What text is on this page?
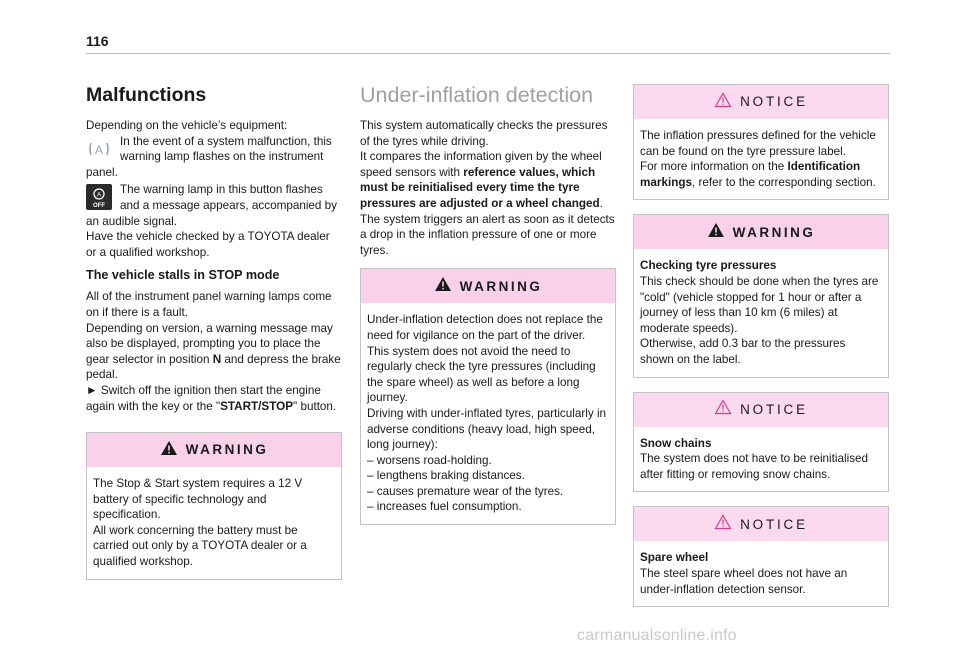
116
Malfunctions

Depending on the vehicle’s equipment:

A
In the event of a system malfunction, this warning lamp flashes on the instrument panel.
A
OFF
The warning lamp in this button flashes and a message appears, accompanied by an audible signal.

Have the vehicle checked by a TOYOTA dealer or a qualified workshop.

The vehicle stalls in STOP mode

All of the instrument panel warning lamps come on if there is a fault.

Depending on version, a warning message may also be displayed, prompting you to place the gear selector in position N and depress the brake pedal.

► Switch off the ignition then start the engine again with the key or the "START/STOP" button.

WARNING

The Stop & Start system requires a 12 V battery of specific technology and specification.

All work concerning the battery must be carried out only by a TOYOTA dealer or a qualified workshop.

Under-inflation detection

This system automatically checks the pressures of the tyres while driving.

It compares the information given by the wheel speed sensors with reference values, which must be reinitialised every time the tyre pressures are adjusted or a wheel changed.

The system triggers an alert as soon as it detects a drop in the inflation pressure of one or more tyres.

WARNING

Under-inflation detection does not replace the need for vigilance on the part of the driver.

This system does not avoid the need to regularly check the tyre pressures (including the spare wheel) as well as before a long journey.

Driving with under-inflated tyres, particularly in adverse conditions (heavy load, high speed, long journey):

– worsens road-holding.
– lengthens braking distances.
– causes premature wear of the tyres.
– increases fuel consumption.
NOTICE

The inflation pressures defined for the vehicle can be found on the tyre pressure label.

For more information on the Identification markings, refer to the corresponding section.

WARNING

Checking tyre pressures

This check should be done when the tyres are "cold" (vehicle stopped for 1 hour or after a journey of less than 10 km (6 miles) at moderate speeds).

Otherwise, add 0.3 bar to the pressures shown on the label.

NOTICE

Snow chains

The system does not have to be reinitialised after fitting or removing snow chains.

NOTICE

Spare wheel

The steel spare wheel does not have an under-inflation detection sensor.

carmanualsonline.info
